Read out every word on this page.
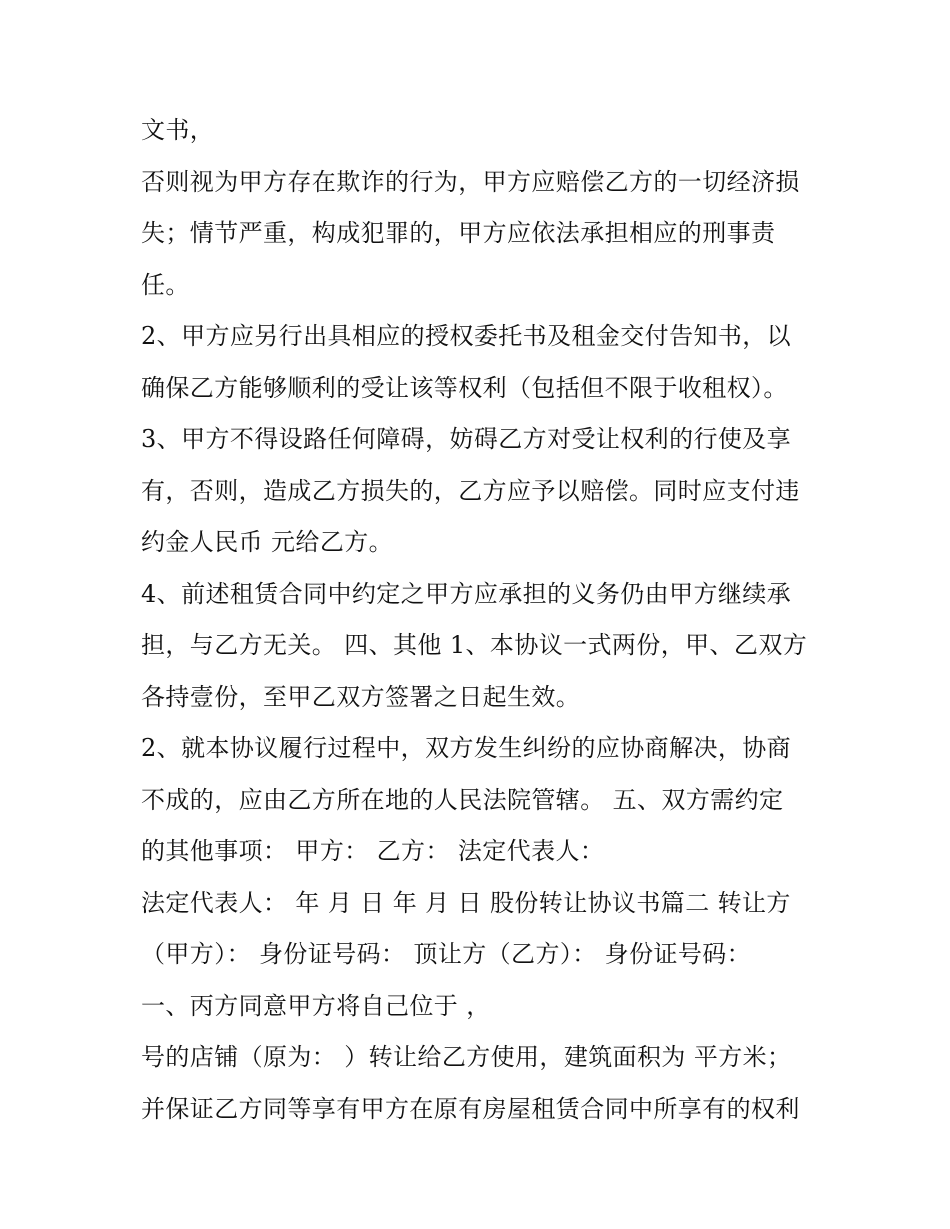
文书，
否则视为甲方存在欺诈的行为，甲方应赔偿乙方的一切经济损
失；情节严重，构成犯罪的，甲方应依法承担相应的刑事责
任。
2、甲方应另行出具相应的授权委托书及租金交付告知书，以
确保乙方能够顺利的受让该等权利（包括但不限于收租权）。
3、甲方不得设路任何障碍，妨碍乙方对受让权利的行使及享
有，否则，造成乙方损失的，乙方应予以赔偿。同时应支付违
约金人民币 元给乙方。
4、前述租赁合同中约定之甲方应承担的义务仍由甲方继续承
担，与乙方无关。 四、其他 1、本协议一式两份，甲、乙双方
各持壹份，至甲乙双方签署之日起生效。
2、就本协议履行过程中，双方发生纠纷的应协商解决，协商
不成的，应由乙方所在地的人民法院管辖。 五、双方需约定
的其他事项： 甲方： 乙方： 法定代表人：
法定代表人： 年 月 日 年 月 日 股份转让协议书篇二 转让方
（甲方）： 身份证号码： 顶让方（乙方）： 身份证号码：
一、丙方同意甲方将自己位于 ，
号的店铺（原为： ）转让给乙方使用，建筑面积为 平方米；
并保证乙方同等享有甲方在原有房屋租赁合同中所享有的权利
